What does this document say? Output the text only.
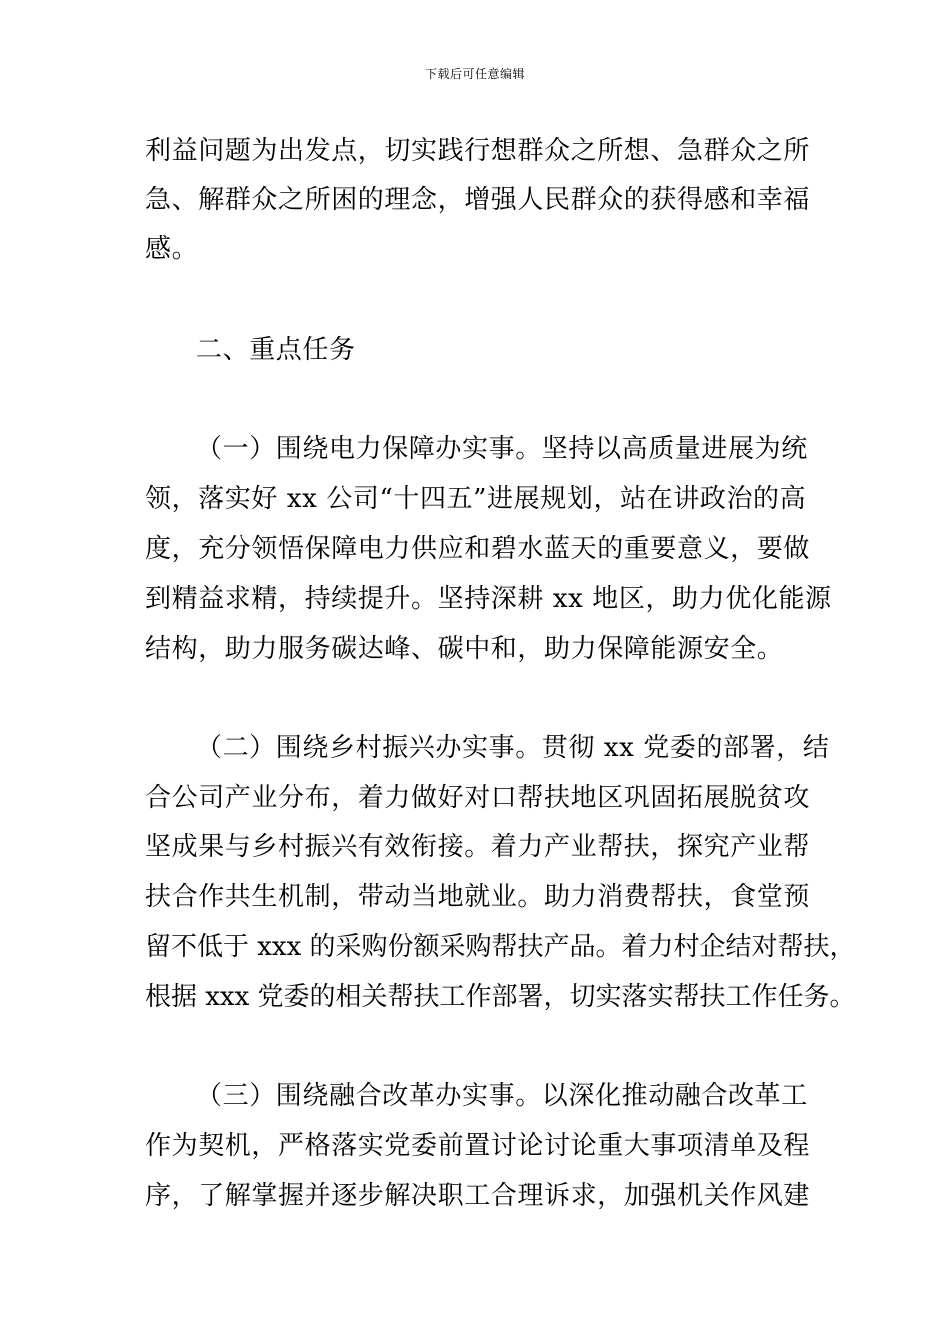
下载后可任意编辑
利益问题为出发点，切实践行想群众之所想、急群众之所
急、解群众之所困的理念，增强人民群众的获得感和幸福
感。
二、重点任务
（一）围绕电力保障办实事。坚持以高质量进展为统
领，落实好 xx 公司“十四五”进展规划，站在讲政治的高
度，充分领悟保障电力供应和碧水蓝天的重要意义，要做
到精益求精，持续提升。坚持深耕 xx 地区，助力优化能源
结构，助力服务碳达峰、碳中和，助力保障能源安全。
（二）围绕乡村振兴办实事。贯彻 xx 党委的部署，结
合公司产业分布，着力做好对口帮扶地区巩固拓展脱贫攻
坚成果与乡村振兴有效衔接。着力产业帮扶，探究产业帮
扶合作共生机制，带动当地就业。助力消费帮扶，食堂预
留不低于 xxx 的采购份额采购帮扶产品。着力村企结对帮扶，
根据 xxx 党委的相关帮扶工作部署，切实落实帮扶工作任务。
（三）围绕融合改革办实事。以深化推动融合改革工
作为契机，严格落实党委前置讨论讨论重大事项清单及程
序，了解掌握并逐步解决职工合理诉求，加强机关作风建
